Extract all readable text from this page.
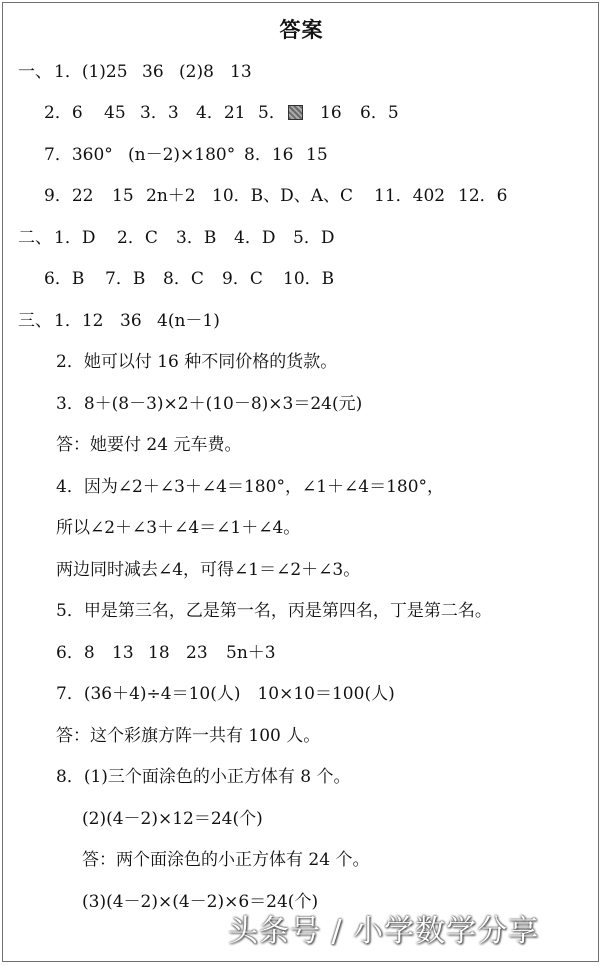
答案
一、 1．(1)25 36 (2)8 13
2．6 45 3．3 4．21 5． 16 6．5
7．360° (n－2)×180° 8．16 15
9．22 15 2n＋2 10．B、D、A、C 11．402 12．6
二、 1．D 2．C 3．B 4．D 5．D
6．B 7．B 8．C 9．C 10．B
三、 1．12 36 4(n－1)
2．她可以付 16 种不同价格的货款。
3．8＋(8－3)×2＋(10－8)×3＝24(元)
答：她要付 24 元车费。
4．因为∠2＋∠3＋∠4＝180°，∠1＋∠4＝180°，
所以∠2＋∠3＋∠4＝∠1＋∠4。
两边同时减去∠4，可得∠1＝∠2＋∠3。
5．甲是第三名，乙是第一名，丙是第四名，丁是第二名。
6．8 13 18 23 5n＋3
7．(36＋4)÷4＝10(人)　10×10＝100(人)
答：这个彩旗方阵一共有 100 人。
8．(1)三个面涂色的小正方体有 8 个。
(2)(4－2)×12＝24(个)
答：两个面涂色的小正方体有 24 个。
(3)(4－2)×(4－2)×6＝24(个)
头条号 / 小学数学分享
